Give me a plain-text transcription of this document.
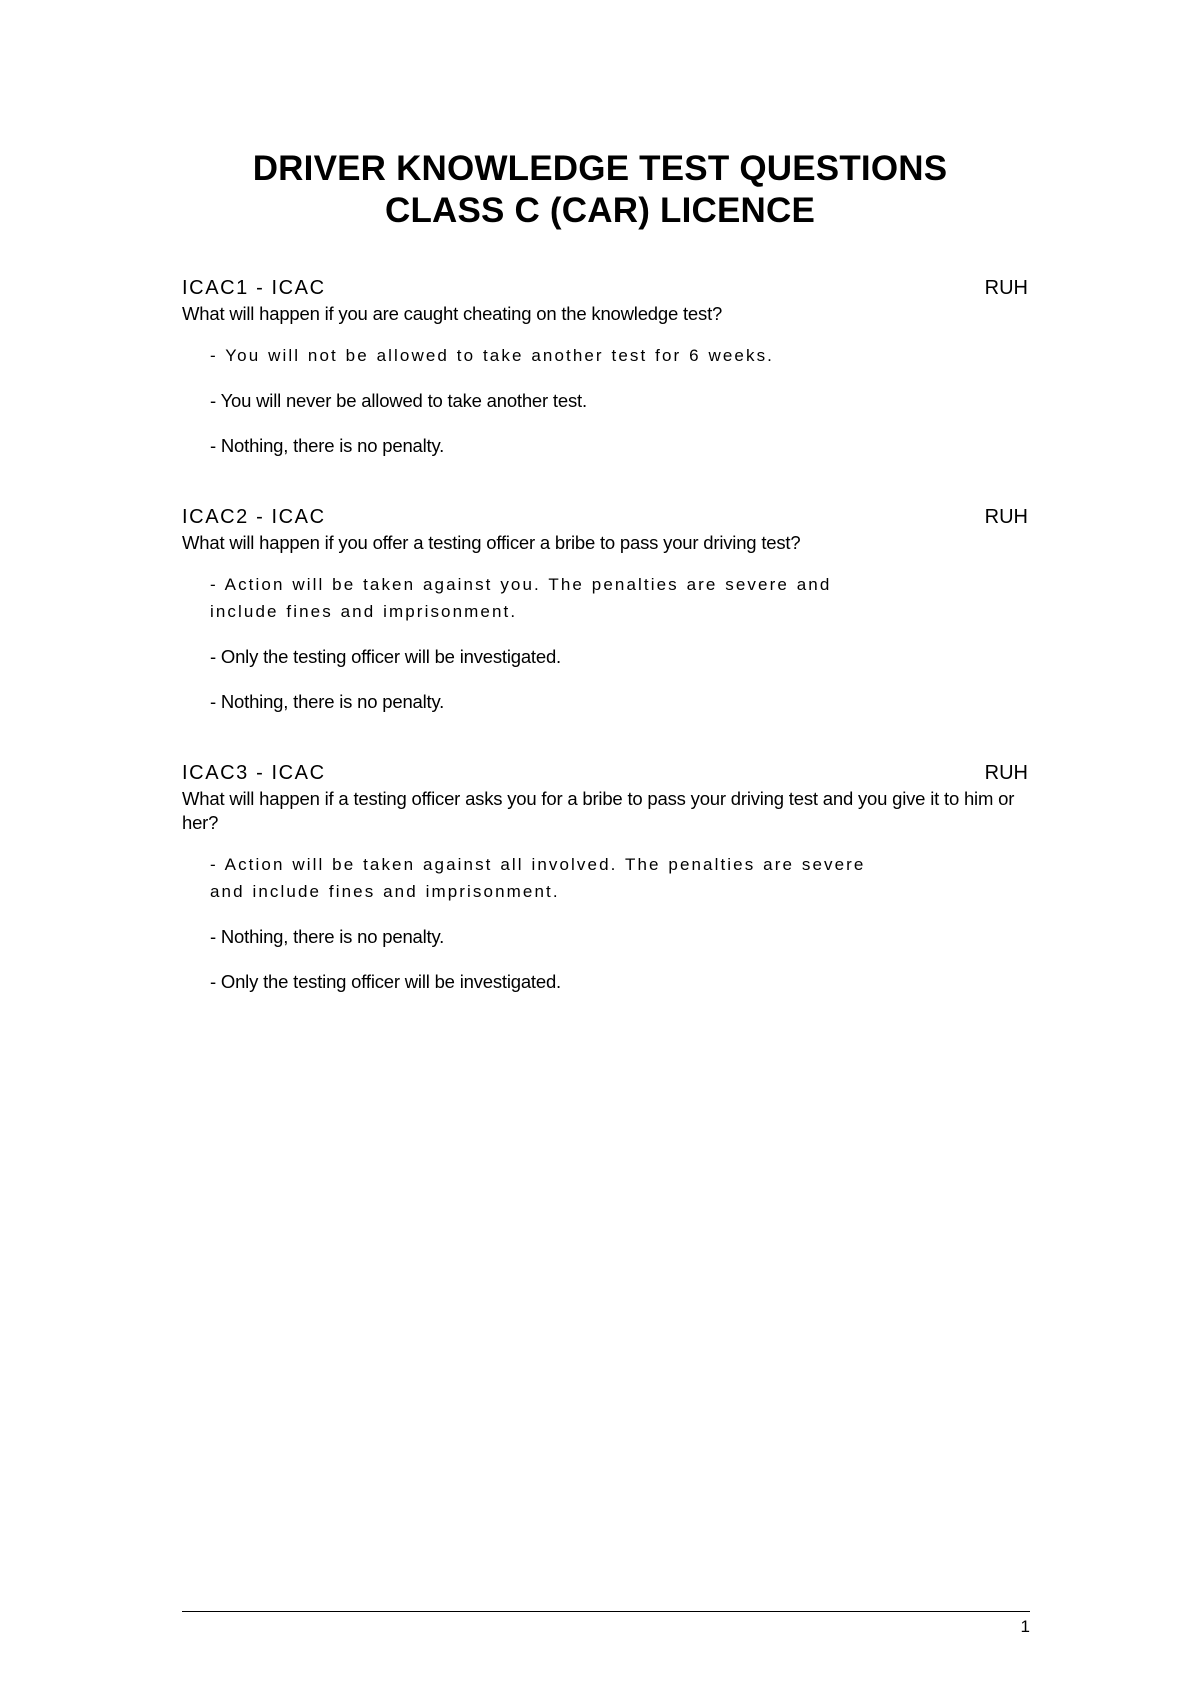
DRIVER KNOWLEDGE TEST QUESTIONS
CLASS C (CAR) LICENCE
ICAC1 - ICAC	RUH
What will happen if you are caught cheating on the knowledge test?
- You will not be allowed to take another test for 6 weeks.
- You will never be allowed to take another test.
- Nothing, there is no penalty.
ICAC2 - ICAC	RUH
What will happen if you offer a testing officer a bribe to pass your driving test?
- Action will be taken against you. The penalties are severe and include fines and imprisonment.
- Only the testing officer will be investigated.
- Nothing, there is no penalty.
ICAC3 - ICAC	RUH
What will happen if a testing officer asks you for a bribe to pass your driving test and you give it to him or her?
- Action will be taken against all involved. The penalties are severe and include fines and imprisonment.
- Nothing, there is no penalty.
- Only the testing officer will be investigated.
1
